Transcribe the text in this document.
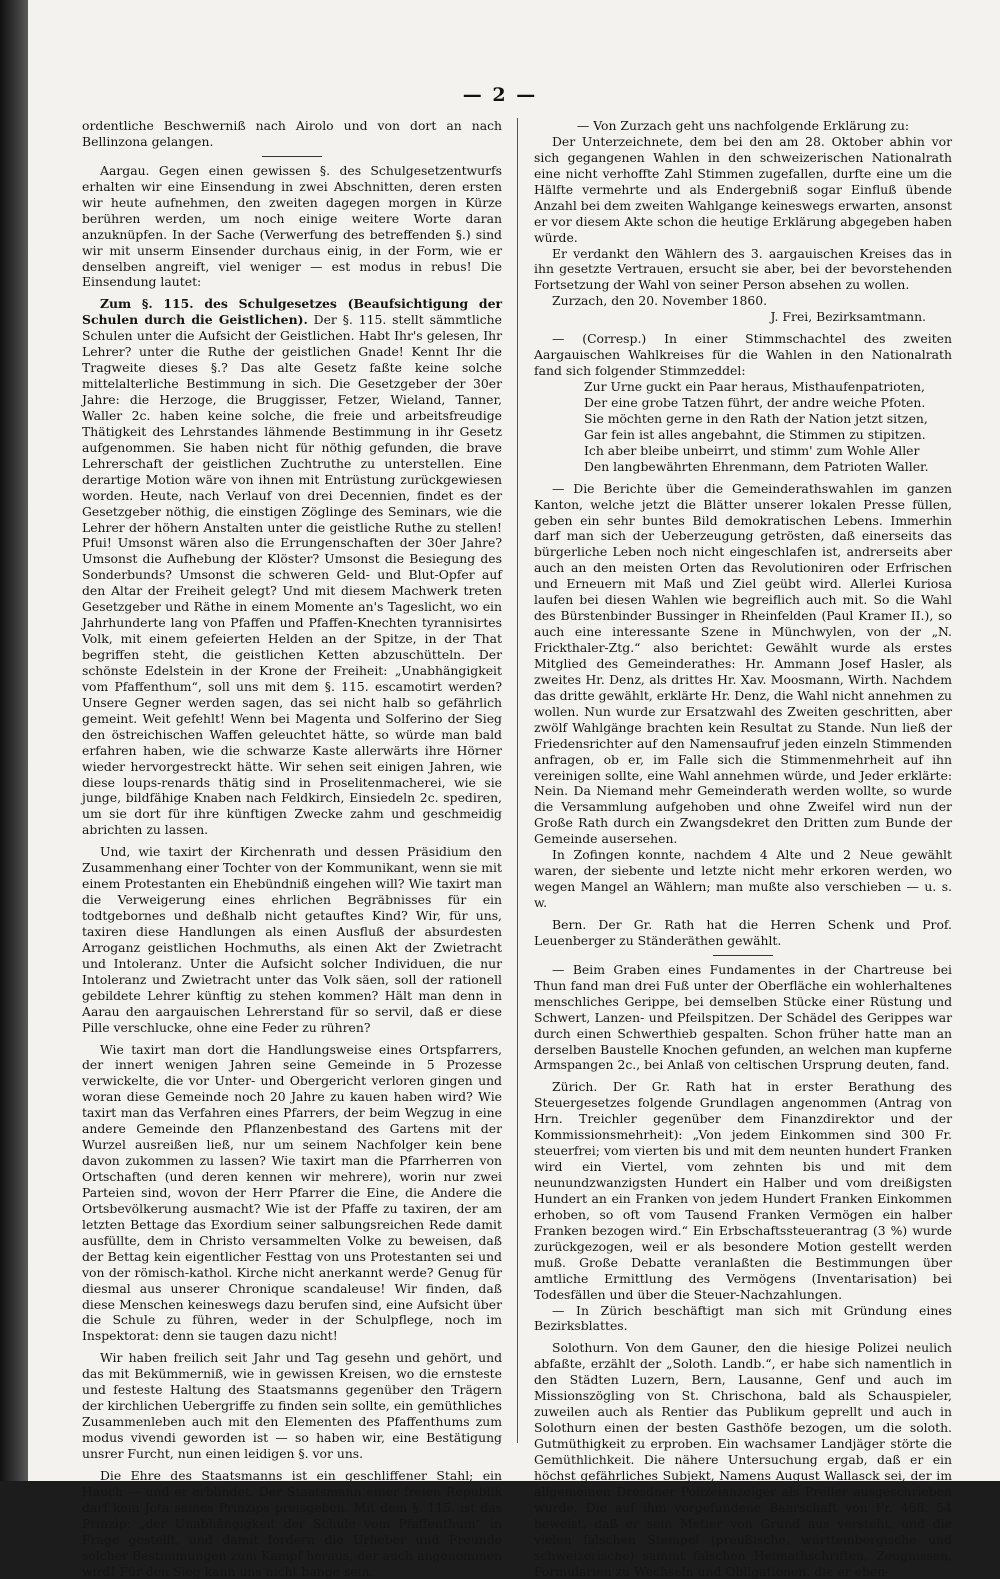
— 2 —

ordentliche Beschwerniß nach Airolo und von dort an nach Bellinzona gelangen.

Aargau. Gegen einen gewissen §. des Schulgesetzentwurfs erhalten wir eine Einsendung in zwei Abschnitten, deren ersten wir heute aufnehmen, den zweiten dagegen morgen in Kürze berühren werden, um noch einige weitere Worte daran anzuknüpfen. In der Sache (Verwerfung des betreffenden §.) sind wir mit unserm Einsender durchaus einig, in der Form, wie er denselben angreift, viel weniger — est modus in rebus! Die Einsendung lautet:

Zum §. 115. des Schulgesetzes (Beaufsichtigung der Schulen durch die Geistlichen). Der §. 115. stellt sämmtliche Schulen unter die Aufsicht der Geistlichen. Habt Ihr's gelesen, Ihr Lehrer? unter die Ruthe der geistlichen Gnade! Kennt Ihr die Tragweite dieses §.? Das alte Gesetz faßte keine solche mittelalterliche Bestimmung in sich. Die Gesetzgeber der 30er Jahre: die Herzoge, die Bruggisser, Fetzer, Wieland, Tanner, Waller 2c. haben keine solche, die freie und arbeitsfreudige Thätigkeit des Lehrstandes lähmende Bestimmung in ihr Gesetz aufgenommen. Sie haben nicht für nöthig gefunden, die brave Lehrerschaft der geistlichen Zuchtruthe zu unterstellen. Eine derartige Motion wäre von ihnen mit Entrüstung zurückgewiesen worden. Heute, nach Verlauf von drei Decennien, findet es der Gesetzgeber nöthig, die einstigen Zöglinge des Seminars, wie die Lehrer der höhern Anstalten unter die geistliche Ruthe zu stellen! Pfui! Umsonst wären also die Errungenschaften der 30er Jahre? Umsonst die Aufhebung der Klöster? Umsonst die Besiegung des Sonderbunds? Umsonst die schweren Geld- und Blut-Opfer auf den Altar der Freiheit gelegt? Und mit diesem Machwerk treten Gesetzgeber und Räthe in einem Momente an's Tageslicht, wo ein Jahrhunderte lang von Pfaffen und Pfaffen-Knechten tyrannisirtes Volk, mit einem gefeierten Helden an der Spitze, in der That begriffen steht, die geistlichen Ketten abzuschütteln. Der schönste Edelstein in der Krone der Freiheit: „Unabhängigkeit vom Pfaffenthum“, soll uns mit dem §. 115. escamotirt werden? Unsere Gegner werden sagen, das sei nicht halb so gefährlich gemeint. Weit gefehlt! Wenn bei Magenta und Solferino der Sieg den östreichischen Waffen geleuchtet hätte, so würde man bald erfahren haben, wie die schwarze Kaste allerwärts ihre Hörner wieder hervorgestreckt hätte. Wir sehen seit einigen Jahren, wie diese loups-renards thätig sind in Proselitenmacherei, wie sie junge, bildfähige Knaben nach Feldkirch, Einsiedeln 2c. spediren, um sie dort für ihre künftigen Zwecke zahm und geschmeidig abrichten zu lassen.

Und, wie taxirt der Kirchenrath und dessen Präsidium den Zusammenhang einer Tochter von der Kommunikant, wenn sie mit einem Protestanten ein Ehebündniß eingehen will? Wie taxirt man die Verweigerung eines ehrlichen Begräbnisses für ein todtgebornes und deßhalb nicht getauftes Kind? Wir, für uns, taxiren diese Handlungen als einen Ausfluß der absurdesten Arroganz geistlichen Hochmuths, als einen Akt der Zwietracht und Intoleranz. Unter die Aufsicht solcher Individuen, die nur Intoleranz und Zwietracht unter das Volk säen, soll der rationell gebildete Lehrer künftig zu stehen kommen? Hält man denn in Aarau den aargauischen Lehrerstand für so servil, daß er diese Pille verschlucke, ohne eine Feder zu rühren?

Wie taxirt man dort die Handlungsweise eines Ortspfarrers, der innert wenigen Jahren seine Gemeinde in 5 Prozesse verwickelte, die vor Unter- und Obergericht verloren gingen und woran diese Gemeinde noch 20 Jahre zu kauen haben wird? Wie taxirt man das Verfahren eines Pfarrers, der beim Wegzug in eine andere Gemeinde den Pflanzenbestand des Gartens mit der Wurzel ausreißen ließ, nur um seinem Nachfolger kein bene davon zukommen zu lassen? Wie taxirt man die Pfarrherren von Ortschaften (und deren kennen wir mehrere), worin nur zwei Parteien sind, wovon der Herr Pfarrer die Eine, die Andere die Ortsbevölkerung ausmacht? Wie ist der Pfaffe zu taxiren, der am letzten Bettage das Exordium seiner salbungsreichen Rede damit ausfüllte, dem in Christo versammelten Volke zu beweisen, daß der Bettag kein eigentlicher Festtag von uns Protestanten sei und von der römisch-kathol. Kirche nicht anerkannt werde? Genug für diesmal aus unserer Chronique scandaleuse! Wir finden, daß diese Menschen keineswegs dazu berufen sind, eine Aufsicht über die Schule zu führen, weder in der Schulpflege, noch im Inspektorat: denn sie taugen dazu nicht!

Wir haben freilich seit Jahr und Tag gesehn und gehört, und das mit Bekümmerniß, wie in gewissen Kreisen, wo die ernsteste und festeste Haltung des Staatsmanns gegenüber den Trägern der kirchlichen Uebergriffe zu finden sein sollte, ein gemüthliches Zusammenleben auch mit den Elementen des Pfaffenthums zum modus vivendi geworden ist — so haben wir, eine Bestätigung unsrer Furcht, nun einen leidigen §. vor uns.

Die Ehre des Staatsmanns ist ein geschliffener Stahl; ein Hauch — und er erblindet. Der Staatsmann einer freien Republik darf kein Jota seines Prinzips preisgeben. Mit dem §. 115. ist das Prinzip: „der Unabhängigkeit der Schule vom Pfaffenthum“ in Frage gestellt, und damit fordern die Urheber und Freunde solcher Bestimmungen zum Kampf heraus, der auch angenommen wird! Für den Sieg kann uns nicht bange sein.

— Von Zurzach geht uns nachfolgende Erklärung zu:

Der Unterzeichnete, dem bei den am 28. Oktober abhin vor sich gegangenen Wahlen in den schweizerischen Nationalrath eine nicht verhoffte Zahl Stimmen zugefallen, durfte eine um die Hälfte vermehrte und als Endergebniß sogar Einfluß übende Anzahl bei dem zweiten Wahlgange keineswegs erwarten, ansonst er vor diesem Akte schon die heutige Erklärung abgegeben haben würde.

Er verdankt den Wählern des 3. aargauischen Kreises das in ihn gesetzte Vertrauen, ersucht sie aber, bei der bevorstehenden Fortsetzung der Wahl von seiner Person absehen zu wollen.

Zurzach, den 20. November 1860.

J. Frei, Bezirksamtmann.

— (Corresp.) In einer Stimmschachtel des zweiten Aargauischen Wahlkreises für die Wahlen in den Nationalrath fand sich folgender Stimmzeddel:

Zur Urne guckt ein Paar heraus, Misthaufenpatrioten,

Der eine grobe Tatzen führt, der andre weiche Pfoten.

Sie möchten gerne in den Rath der Nation jetzt sitzen,

Gar fein ist alles angebahnt, die Stimmen zu stipitzen.

Ich aber bleibe unbeirrt, und stimm' zum Wohle Aller

Den langbewährten Ehrenmann, dem Patrioten Waller.

— Die Berichte über die Gemeinderathswahlen im ganzen Kanton, welche jetzt die Blätter unserer lokalen Presse füllen, geben ein sehr buntes Bild demokratischen Lebens. Immerhin darf man sich der Ueberzeugung getrösten, daß einerseits das bürgerliche Leben noch nicht eingeschlafen ist, andrerseits aber auch an den meisten Orten das Revolutioniren oder Erfrischen und Erneuern mit Maß und Ziel geübt wird. Allerlei Kuriosa laufen bei diesen Wahlen wie begreiflich auch mit. So die Wahl des Bürstenbinder Bussinger in Rheinfelden (Paul Kramer II.), so auch eine interessante Szene in Münchwylen, von der „N. Frickthaler-Ztg.“ also berichtet: Gewählt wurde als erstes Mitglied des Gemeinderathes: Hr. Ammann Josef Hasler, als zweites Hr. Denz, als drittes Hr. Xav. Moosmann, Wirth. Nachdem das dritte gewählt, erklärte Hr. Denz, die Wahl nicht annehmen zu wollen. Nun wurde zur Ersatzwahl des Zweiten geschritten, aber zwölf Wahlgänge brachten kein Resultat zu Stande. Nun ließ der Friedensrichter auf den Namensaufruf jeden einzeln Stimmenden anfragen, ob er, im Falle sich die Stimmenmehrheit auf ihn vereinigen sollte, eine Wahl annehmen würde, und Jeder erklärte: Nein. Da Niemand mehr Gemeinderath werden wollte, so wurde die Versammlung aufgehoben und ohne Zweifel wird nun der Große Rath durch ein Zwangsdekret den Dritten zum Bunde der Gemeinde ausersehen.

In Zofingen konnte, nachdem 4 Alte und 2 Neue gewählt waren, der siebente und letzte nicht mehr erkoren werden, wo wegen Mangel an Wählern; man mußte also verschieben — u. s. w.

Bern. Der Gr. Rath hat die Herren Schenk und Prof. Leuenberger zu Ständeräthen gewählt.

— Beim Graben eines Fundamentes in der Chartreuse bei Thun fand man drei Fuß unter der Oberfläche ein wohlerhaltenes menschliches Gerippe, bei demselben Stücke einer Rüstung und Schwert, Lanzen- und Pfeilspitzen. Der Schädel des Gerippes war durch einen Schwerthieb gespalten. Schon früher hatte man an derselben Baustelle Knochen gefunden, an welchen man kupferne Armspangen 2c., bei Anlaß von celtischen Ursprung deuten, fand.

Zürich. Der Gr. Rath hat in erster Berathung des Steuergesetzes folgende Grundlagen angenommen (Antrag von Hrn. Treichler gegenüber dem Finanzdirektor und der Kommissionsmehrheit): „Von jedem Einkommen sind 300 Fr. steuerfrei; vom vierten bis und mit dem neunten hundert Franken wird ein Viertel, vom zehnten bis und mit dem neunundzwanzigsten Hundert ein Halber und vom dreißigsten Hundert an ein Franken von jedem Hundert Franken Einkommen erhoben, so oft vom Tausend Franken Vermögen ein halber Franken bezogen wird.“ Ein Erbschaftssteuerantrag (3 %) wurde zurückgezogen, weil er als besondere Motion gestellt werden muß. Große Debatte veranlaßten die Bestimmungen über amtliche Ermittlung des Vermögens (Inventarisation) bei Todesfällen und über die Steuer-Nachzahlungen.

— In Zürich beschäftigt man sich mit Gründung eines Bezirksblattes.

Solothurn. Von dem Gauner, den die hiesige Polizei neulich abfaßte, erzählt der „Soloth. Landb.“, er habe sich namentlich in den Städten Luzern, Bern, Lausanne, Genf und auch im Missionszögling von St. Chrischona, bald als Schauspieler, zuweilen auch als Rentier das Publikum geprellt und auch in Solothurn einen der besten Gasthöfe bezogen, um die soloth. Gutmüthigkeit zu erproben. Ein wachsamer Landjäger störte die Gemüthlichkeit. Die nähere Untersuchung ergab, daß er ein höchst gefährliches Subjekt, Namens August Wallasck sei, der im allgemeinen Dresdner Polizeianzeiger als Preller ausgeschrieben wurde. Die auf ihm vorgefundene Baarschaft von Fr. 468. 54 beweist, daß er sein Metier von Grund aus versteht, und die vielen falschen Stempel (preußische, württembergische und schweizerische) sammt falschen Heimathschriften, Zeugnissen, Formularien zu Wechseln und Obligationen, die er eben-
